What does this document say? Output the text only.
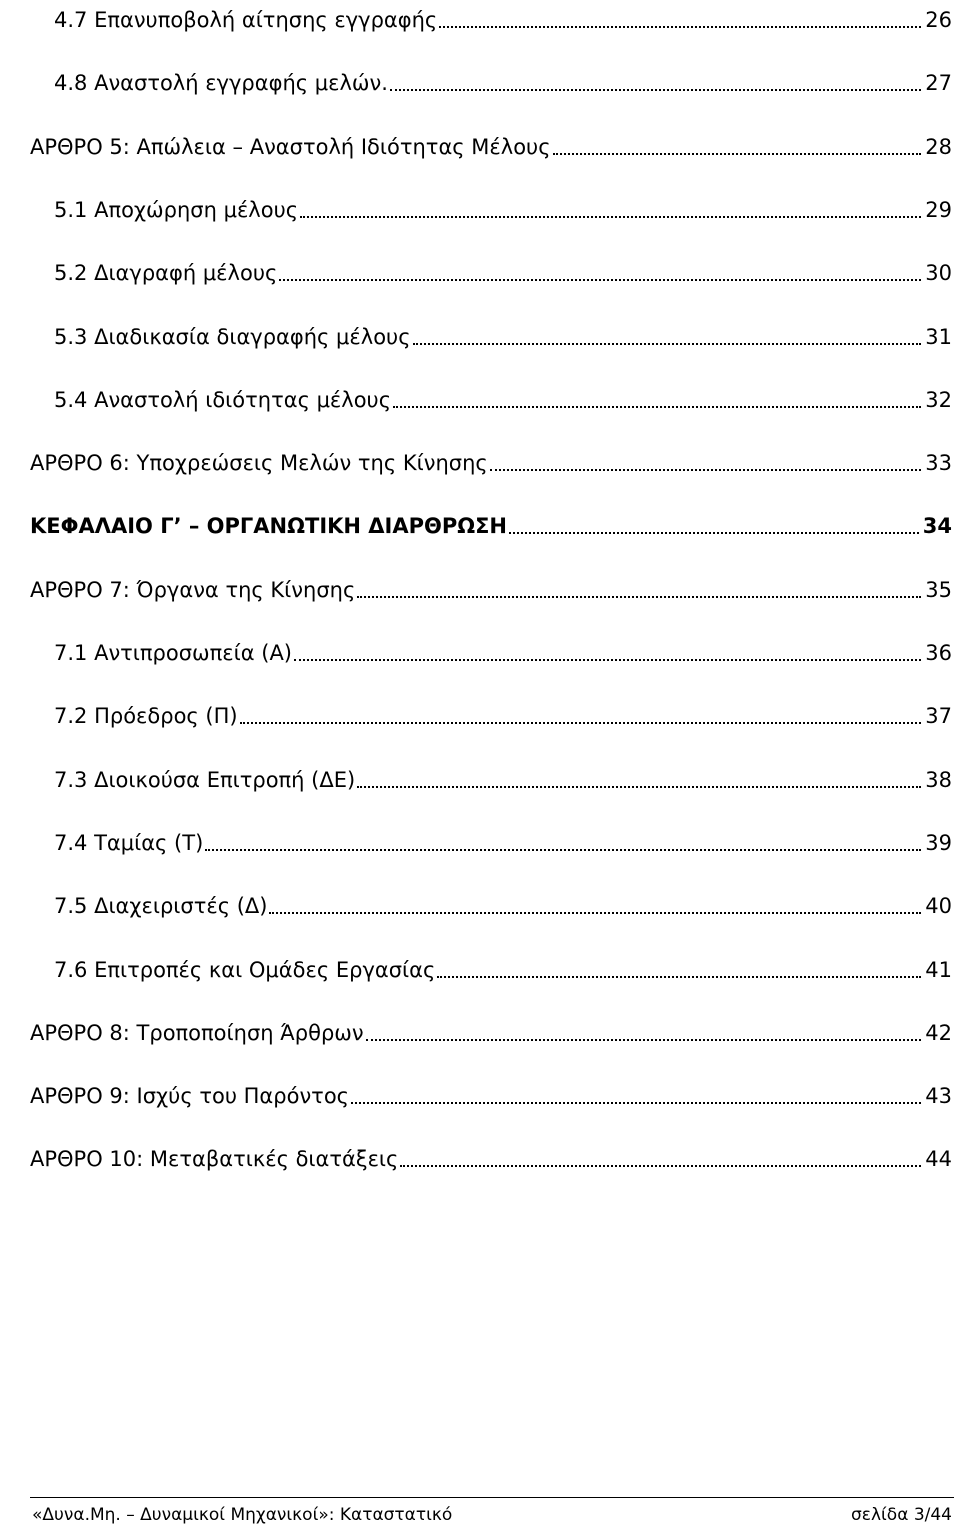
4.7 Επανυποβολή αίτησης εγγραφής	26
4.8 Αναστολή εγγραφής μελών.	27
ΑΡΘΡΟ 5: Απώλεια – Αναστολή Ιδιότητας Μέλους	28
5.1 Αποχώρηση μέλους	29
5.2 Διαγραφή μέλους	30
5.3 Διαδικασία διαγραφής μέλους	31
5.4 Αναστολή ιδιότητας μέλους	32
ΑΡΘΡΟ 6: Υποχρεώσεις Μελών της Κίνησης	33
ΚΕΦΑΛΑΙΟ Γ’ – ΟΡΓΑΝΩΤΙΚΗ ΔΙΑΡΘΡΩΣΗ	34
ΑΡΘΡΟ 7: Όργανα της Κίνησης	35
7.1 Αντιπροσωπεία (Α)	36
7.2 Πρόεδρος (Π)	37
7.3 Διοικούσα Επιτροπή (ΔΕ)	38
7.4 Ταμίας (Τ)	39
7.5 Διαχειριστές (Δ)	40
7.6 Επιτροπές και Ομάδες Εργασίας	41
ΑΡΘΡΟ 8: Τροποποίηση Άρθρων	42
ΑΡΘΡΟ 9: Ισχύς του Παρόντος	43
ΑΡΘΡΟ 10: Μεταβατικές διατάξεις	44
«Δυνα.Μη. – Δυναμικοί Μηχανικοί»: Καταστατικό	σελίδα 3/44
